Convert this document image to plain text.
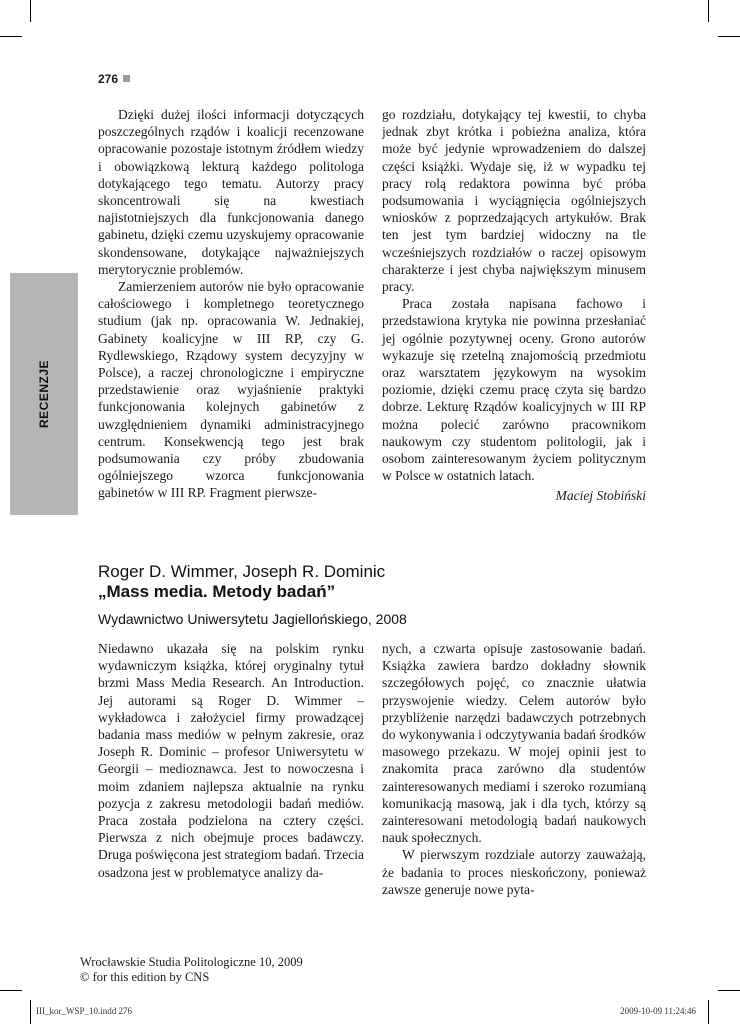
276
RECENZJE

Dzięki dużej ilości informacji dotyczących poszczególnych rządów i koalicji recenzowane opracowanie pozostaje istotnym źródłem wiedzy i obowiązkową lekturą każdego politologa dotykającego tego tematu. Autorzy pracy skoncentrowali się na kwestiach najistotniejszych dla funkcjonowania danego gabinetu, dzięki czemu uzyskujemy opracowanie skondensowane, dotykające najważniejszych merytorycznie problemów.

Zamierzeniem autorów nie było opracowanie całościowego i kompletnego teoretycznego studium (jak np. opracowania W. Jednakiej, Gabinety koalicyjne w III RP, czy G. Rydlewskiego, Rządowy system decyzyjny w Polsce), a raczej chronologiczne i empiryczne przedstawienie oraz wyjaśnienie praktyki funkcjonowania kolejnych gabinetów z uwzględnieniem dynamiki administracyjnego centrum. Konsekwencją tego jest brak podsumowania czy próby zbudowania ogólniejszego wzorca funkcjonowania gabinetów w III RP. Fragment pierwsze-

go rozdziału, dotykający tej kwestii, to chyba jednak zbyt krótka i pobieżna analiza, która może być jedynie wprowadzeniem do dalszej części książki. Wydaje się, iż w wypadku tej pracy rolą redaktora powinna być próba podsumowania i wyciągnięcia ogólniejszych wniosków z poprzedzających artykułów. Brak ten jest tym bardziej widoczny na tle wcześniejszych rozdziałów o raczej opisowym charakterze i jest chyba największym minusem pracy.

Praca została napisana fachowo i przedstawiona krytyka nie powinna przesłaniać jej ogólnie pozytywnej oceny. Grono autorów wykazuje się rzetelną znajomością przedmiotu oraz warsztatem językowym na wysokim poziomie, dzięki czemu pracę czyta się bardzo dobrze. Lekturę Rządów koalicyjnych w III RP można polecić zarówno pracownikom naukowym czy studentom politologii, jak i osobom zainteresowanym życiem politycznym w Polsce w ostatnich latach.

Maciej Stobiński

Roger D. Wimmer, Joseph R. Dominic
„Mass media. Metody badań”
Wydawnictwo Uniwersytetu Jagiellońskiego, 2008

Niedawno ukazała się na polskim rynku wydawniczym książka, której oryginalny tytuł brzmi Mass Media Research. An Introduction. Jej autorami są Roger D. Wimmer – wykładowca i założyciel firmy prowadzącej badania mass mediów w pełnym zakresie, oraz Joseph R. Dominic – profesor Uniwersytetu w Georgii – medioznawca. Jest to nowoczesna i moim zdaniem najlepsza aktualnie na rynku pozycja z zakresu metodologii badań mediów. Praca została podzielona na cztery części. Pierwsza z nich obejmuje proces badawczy. Druga poświęcona jest strategiom badań. Trzecia osadzona jest w problematyce analizy da-

nych, a czwarta opisuje zastosowanie badań. Książka zawiera bardzo dokładny słownik szczegółowych pojęć, co znacznie ułatwia przyswojenie wiedzy. Celem autorów było przybliżenie narzędzi badawczych potrzebnych do wykonywania i odczytywania badań środków masowego przekazu. W mojej opinii jest to znakomita praca zarówno dla studentów zainteresowanych mediami i szeroko rozumianą komunikacją masową, jak i dla tych, którzy są zainteresowani metodologią badań naukowych nauk społecznych.

W pierwszym rozdziale autorzy zauważają, że badania to proces nieskończony, ponieważ zawsze generuje nowe pyta-

Wrocławskie Studia Politologiczne 10, 2009
© for this edition by CNS
III_kor_WSP_10.indd 276	2009-10-09 11:24:46
